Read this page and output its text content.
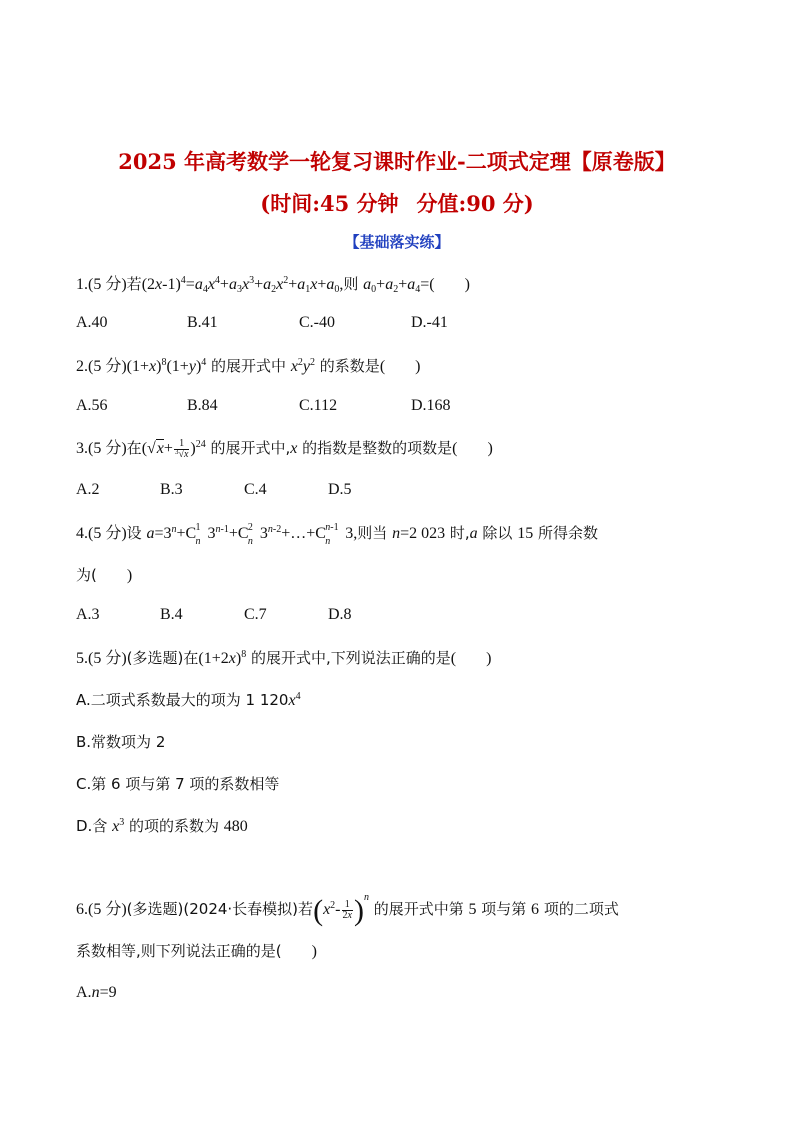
2025 年高考数学一轮复习课时作业-二项式定理【原卷版】
(时间:45 分钟 分值:90 分)
【基础落实练】
1.(5 分)若$(2x-1)^4=a_4x^4+a_3x^3+a_2x^2+a_1x+a_0$,则 $a_0+a_2+a_4=$( )
A.40	B.41	C.-40	D.-41
2.(5 分)$(1+x)^8(1+y)^4$ 的展开式中 $x^2y^2$ 的系数是( )
A.56	B.84	C.112	D.168
3.(5 分)在$(√x+ \frac{1}{^3√x} )^{24}$ 的展开式中,x 的指数是整数的项数是( )
A.2	B.3	C.4	D.5
4.(5 分)设 $a=3^n+ C$ 1
n $3^{n-1}+ C$ 2
n $3^{n-2}+\dots+ C$ n-1
n 3,则当 n=2 023 时,a 除以 15 所得余数
为( )
A.3	B.4	C.7	D.8
5.(5 分)(多选题)在$(1+2x)^8$ 的展开式中,下列说法正确的是( )
A.二项式系数最大的项为 1 $120x^4$
B.常数项为 2
C.第 6 项与第 7 项的系数相等
D.含 $x^3$ 的项的系数为 480
6.(5 分)(多选题)(2024·长春模拟)若$(x^2- \frac{1}{2x} )^n$ 的展开式中第 5 项与第 6 项的二项式
系数相等,则下列说法正确的是( )
A.n=9
